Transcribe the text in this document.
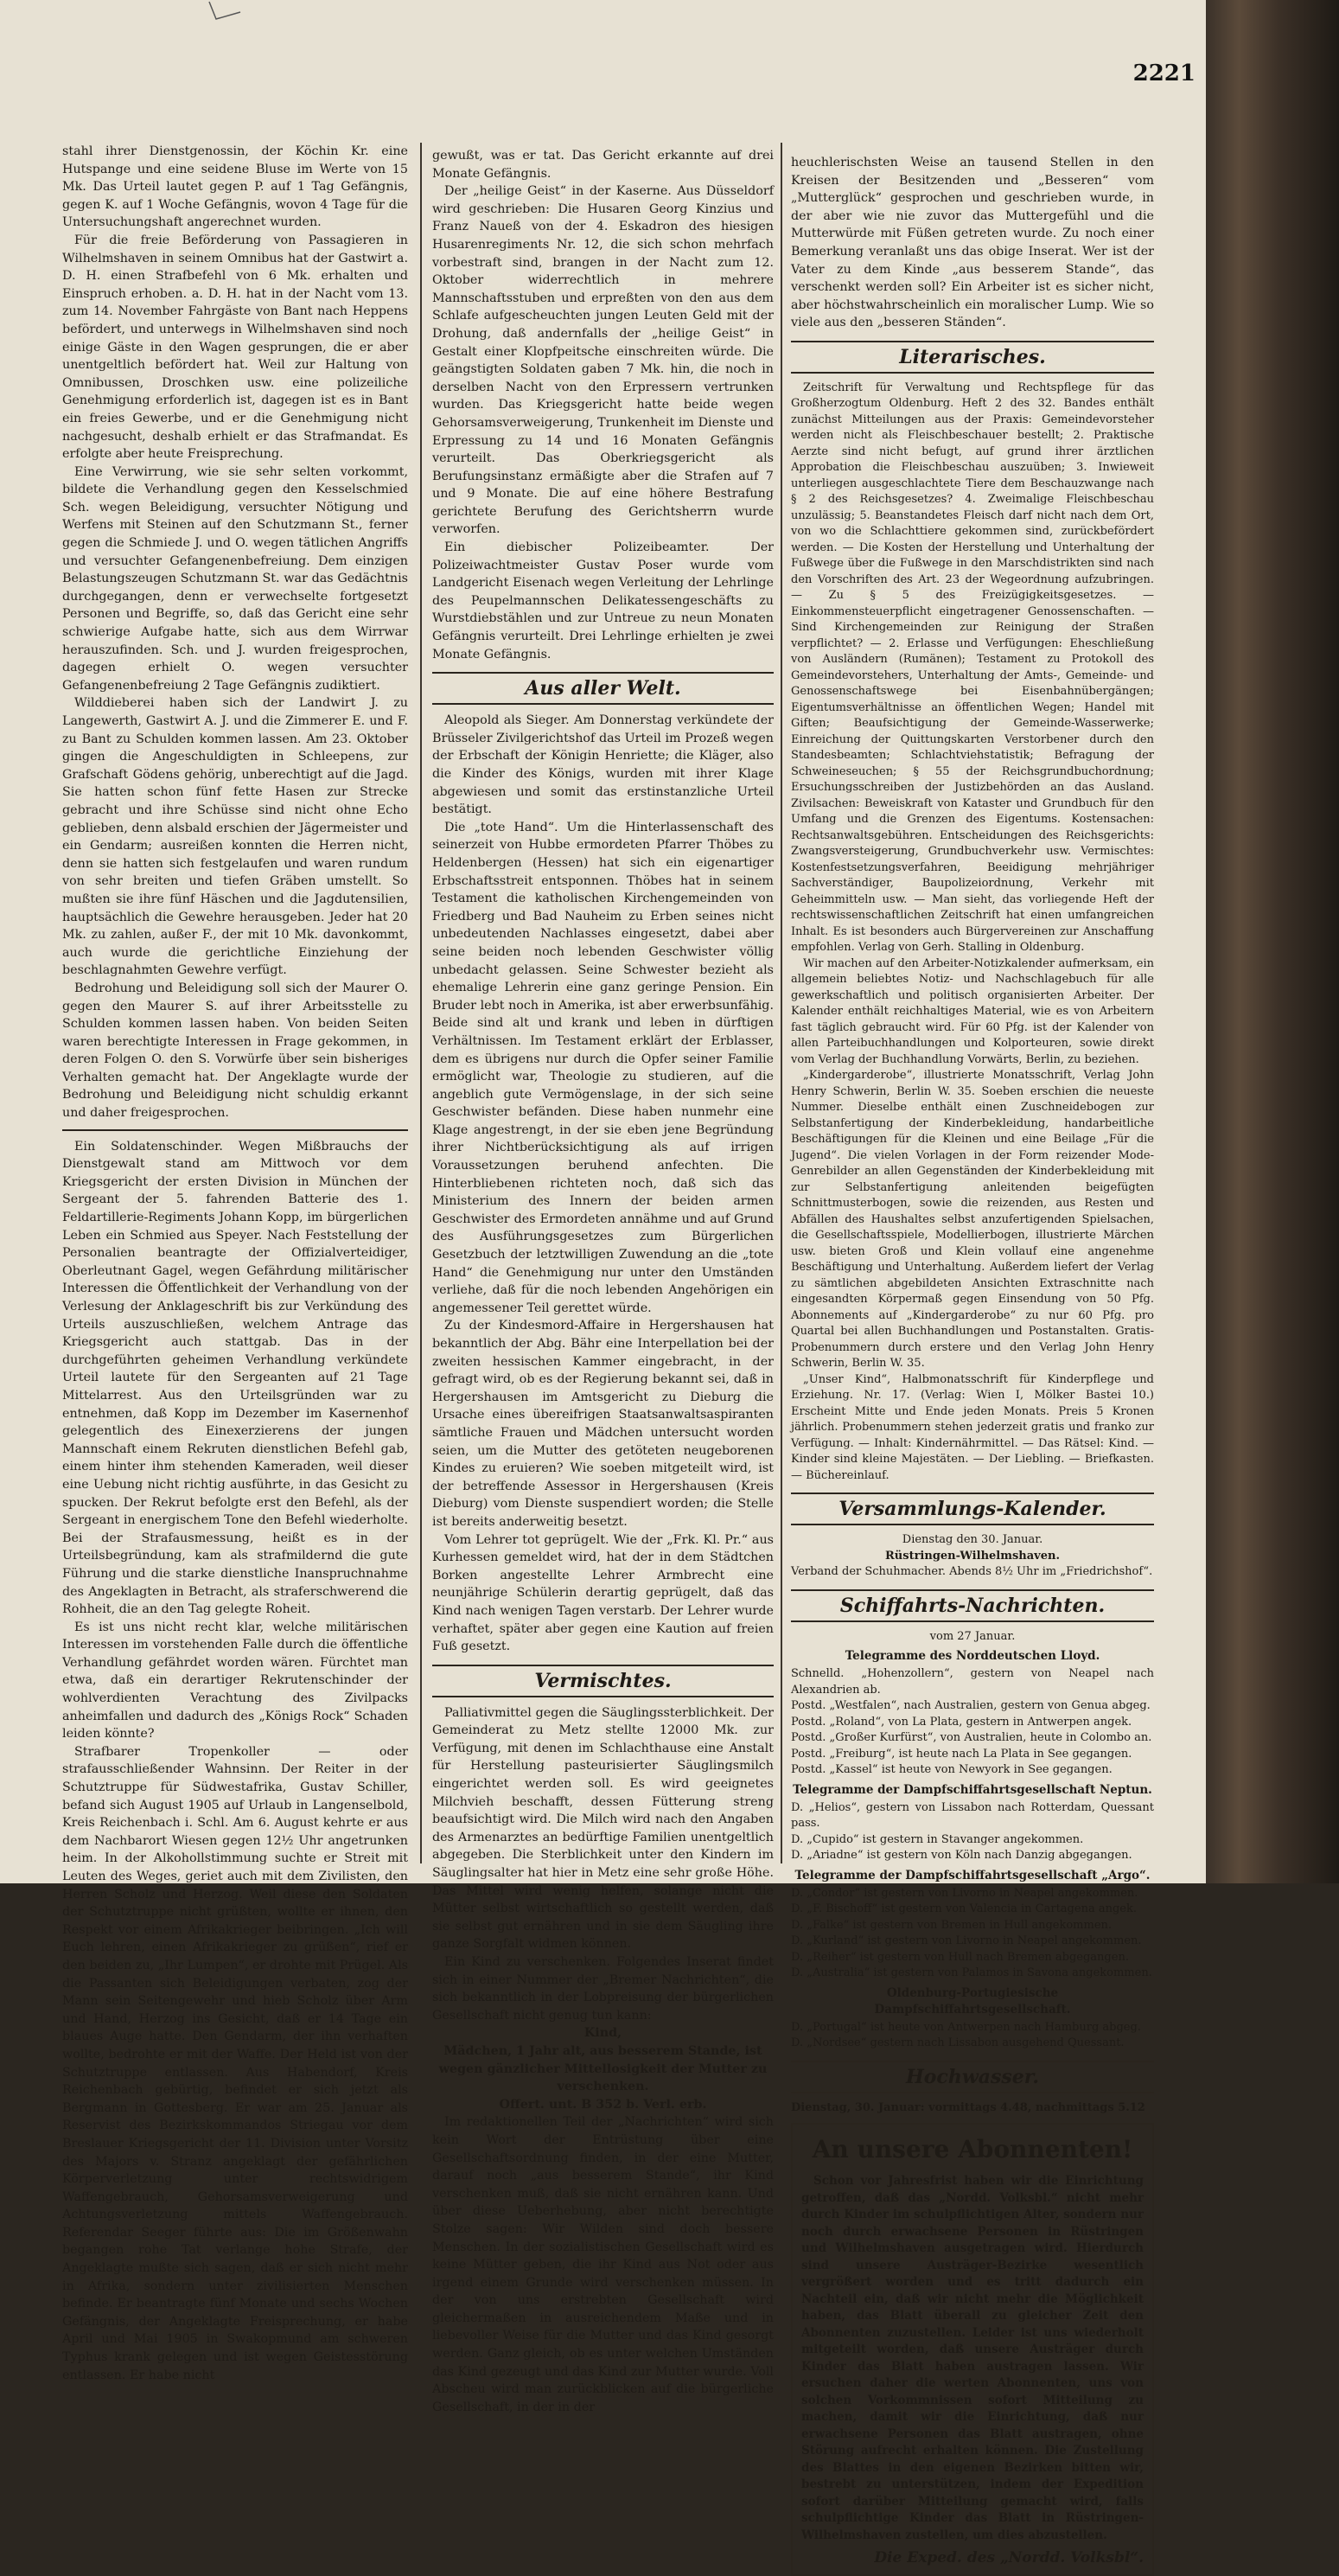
2221

stahl ihrer Dienstgenossin, der Köchin Kr. eine Hutspange und eine seidene Bluse im Werte von 15 Mk. Das Urteil lautet gegen P. auf 1 Tag Gefängnis, gegen K. auf 1 Woche Gefängnis, wovon 4 Tage für die Untersuchungshaft angerechnet wurden.

Für die freie Beförderung von Passagieren in Wilhelmshaven in seinem Omnibus hat der Gastwirt a. D. H. einen Strafbefehl von 6 Mk. erhalten und Einspruch erhoben. a. D. H. hat in der Nacht vom 13. zum 14. November Fahrgäste von Bant nach Heppens befördert, und unterwegs in Wilhelmshaven sind noch einige Gäste in den Wagen gesprungen, die er aber unentgeltlich befördert hat. Weil zur Haltung von Omnibussen, Droschken usw. eine polizeiliche Genehmigung erforderlich ist, dagegen ist es in Bant ein freies Gewerbe, und er die Genehmigung nicht nachgesucht, deshalb erhielt er das Strafmandat. Es erfolgte aber heute Freisprechung.

Eine Verwirrung, wie sie sehr selten vorkommt, bildete die Verhandlung gegen den Kesselschmied Sch. wegen Beleidigung, versuchter Nötigung und Werfens mit Steinen auf den Schutzmann St., ferner gegen die Schmiede J. und O. wegen tätlichen Angriffs und versuchter Gefangenenbefreiung. Dem einzigen Belastungszeugen Schutzmann St. war das Gedächtnis durchgegangen, denn er verwechselte fortgesetzt Personen und Begriffe, so, daß das Gericht eine sehr schwierige Aufgabe hatte, sich aus dem Wirrwar herauszufinden. Sch. und J. wurden freigesprochen, dagegen erhielt O. wegen versuchter Gefangenenbefreiung 2 Tage Gefängnis zudiktiert.

Wilddieberei haben sich der Landwirt J. zu Langewerth, Gastwirt A. J. und die Zimmerer E. und F. zu Bant zu Schulden kommen lassen. Am 23. Oktober gingen die Angeschuldigten in Schleepens, zur Grafschaft Gödens gehörig, unberechtigt auf die Jagd. Sie hatten schon fünf fette Hasen zur Strecke gebracht und ihre Schüsse sind nicht ohne Echo geblieben, denn alsbald erschien der Jägermeister und ein Gendarm; ausreißen konnten die Herren nicht, denn sie hatten sich festgelaufen und waren rundum von sehr breiten und tiefen Gräben umstellt. So mußten sie ihre fünf Häschen und die Jagdutensilien, hauptsächlich die Gewehre herausgeben. Jeder hat 20 Mk. zu zahlen, außer F., der mit 10 Mk. davonkommt, auch wurde die gerichtliche Einziehung der beschlagnahmten Gewehre verfügt.

Bedrohung und Beleidigung soll sich der Maurer O. gegen den Maurer S. auf ihrer Arbeitsstelle zu Schulden kommen lassen haben. Von beiden Seiten waren berechtigte Interessen in Frage gekommen, in deren Folgen O. den S. Vorwürfe über sein bisheriges Verhalten gemacht hat. Der Angeklagte wurde der Bedrohung und Beleidigung nicht schuldig erkannt und daher freigesprochen.

Ein Soldatenschinder. Wegen Mißbrauchs der Dienstgewalt stand am Mittwoch vor dem Kriegsgericht der ersten Division in München der Sergeant der 5. fahrenden Batterie des 1. Feldartillerie-Regiments Johann Kopp, im bürgerlichen Leben ein Schmied aus Speyer. Nach Feststellung der Personalien beantragte der Offizialverteidiger, Oberleutnant Gagel, wegen Gefährdung militärischer Interessen die Öffentlichkeit der Verhandlung von der Verlesung der Anklageschrift bis zur Verkündung des Urteils auszuschließen, welchem Antrage das Kriegsgericht auch stattgab. Das in der durchgeführten geheimen Verhandlung verkündete Urteil lautete für den Sergeanten auf 21 Tage Mittelarrest. Aus den Urteilsgründen war zu entnehmen, daß Kopp im Dezember im Kasernenhof gelegentlich des Einexerzierens der jungen Mannschaft einem Rekruten dienstlichen Befehl gab, einem hinter ihm stehenden Kameraden, weil dieser eine Uebung nicht richtig ausführte, in das Gesicht zu spucken. Der Rekrut befolgte erst den Befehl, als der Sergeant in energischem Tone den Befehl wiederholte. Bei der Strafausmessung, heißt es in der Urteilsbegründung, kam als strafmildernd die gute Führung und die starke dienstliche Inanspruchnahme des Angeklagten in Betracht, als straferschwerend die Rohheit, die an den Tag gelegte Roheit.

Es ist uns nicht recht klar, welche militärischen Interessen im vorstehenden Falle durch die öffentliche Verhandlung gefährdet worden wären. Fürchtet man etwa, daß ein derartiger Rekrutenschinder der wohlverdienten Verachtung des Zivilpacks anheimfallen und dadurch des „Königs Rock“ Schaden leiden könnte?

Strafbarer Tropenkoller — oder strafausschließender Wahnsinn. Der Reiter in der Schutztruppe für Südwestafrika, Gustav Schiller, befand sich August 1905 auf Urlaub in Langenselbold, Kreis Reichenbach i. Schl. Am 6. August kehrte er aus dem Nachbarort Wiesen gegen 12½ Uhr angetrunken heim. In der Alkohollstimmung suchte er Streit mit Leuten des Weges, geriet auch mit dem Zivilisten, den Herren Scholz und Herzog. Weil diese den Soldaten der Schutztruppe nicht grüßten, wollte er ihnen, den Respekt vor einem Afrikakrieger beibringen. „Ich will Euch lehren, einen Afrikakrieger zu grüßen“, rief er den beiden zu, „Ihr Lumpen“, er drohte mit Prügel. Als die Passanten sich Beleidigungen verbaten, zog der Mann sein Seitengewehr und hieb Scholz über Arm und Hand, Herzog ins Gesicht, daß er 14 Tage ein blaues Auge hatte. Den Gendarm, der ihn verhaften wollte, bedrohte er mit der Waffe. Der Held ist von der Schutztruppe entlassen. Aus Habendorf, Kreis Reichenbach gebürtig, befindet er sich jetzt als Bergmann in Gottesberg. Er war am 25. Januar als Reservist des Bezirkskommandos Striegau vor dem Breslauer Kriegsgericht der 11. Division unter Vorsitz des Majors v. Stranz angeklagt der gefährlichen Körperverletzung unter rechtswidrigem Waffengebrauch, Gehorsamsverweigerung und Achtungsverletzung mittels Waffengebrauch. Referendar Seeger führte aus: Die im Größenwahn begangen rohe Tat verlange hohe Strafe, der Angeklagte mußte sich sagen, daß er sich nicht mehr in Afrika, sondern unter zivilisierten Menschen befinde. Er beantragte fünf Monate und sechs Wochen Gefängnis, der Angeklagte Freisprechung, er habe April und Mai 1905 in Swakopmund am schweren Typhus krank gelegen und ist wegen Geistesstörung entlassen. Er habe nicht

gewußt, was er tat. Das Gericht erkannte auf drei Monate Gefängnis.

Der „heilige Geist“ in der Kaserne. Aus Düsseldorf wird geschrieben: Die Husaren Georg Kinzius und Franz Naueß von der 4. Eskadron des hiesigen Husarenregiments Nr. 12, die sich schon mehrfach vorbestraft sind, brangen in der Nacht zum 12. Oktober widerrechtlich in mehrere Mannschaftsstuben und erpreßten von den aus dem Schlafe aufgescheuchten jungen Leuten Geld mit der Drohung, daß andernfalls der „heilige Geist“ in Gestalt einer Klopfpeitsche einschreiten würde. Die geängstigten Soldaten gaben 7 Mk. hin, die noch in derselben Nacht von den Erpressern vertrunken wurden. Das Kriegsgericht hatte beide wegen Gehorsamsverweigerung, Trunkenheit im Dienste und Erpressung zu 14 und 16 Monaten Gefängnis verurteilt. Das Oberkriegsgericht als Berufungsinstanz ermäßigte aber die Strafen auf 7 und 9 Monate. Die auf eine höhere Bestrafung gerichtete Berufung des Gerichtsherrn wurde verworfen.

Ein diebischer Polizeibeamter. Der Polizeiwachtmeister Gustav Poser wurde vom Landgericht Eisenach wegen Verleitung der Lehrlinge des Peupelmannschen Delikatessengeschäfts zu Wurstdiebstählen und zur Untreue zu neun Monaten Gefängnis verurteilt. Drei Lehrlinge erhielten je zwei Monate Gefängnis.

Aus aller Welt.

Aleopold als Sieger. Am Donnerstag verkündete der Brüsseler Zivilgerichtshof das Urteil im Prozeß wegen der Erbschaft der Königin Henriette; die Kläger, also die Kinder des Königs, wurden mit ihrer Klage abgewiesen und somit das erstinstanzliche Urteil bestätigt.

Die „tote Hand“. Um die Hinterlassenschaft des seinerzeit von Hubbe ermordeten Pfarrer Thöbes zu Heldenbergen (Hessen) hat sich ein eigenartiger Erbschaftsstreit entsponnen. Thöbes hat in seinem Testament die katholischen Kirchengemeinden von Friedberg und Bad Nauheim zu Erben seines nicht unbedeutenden Nachlasses eingesetzt, dabei aber seine beiden noch lebenden Geschwister völlig unbedacht gelassen. Seine Schwester bezieht als ehemalige Lehrerin eine ganz geringe Pension. Ein Bruder lebt noch in Amerika, ist aber erwerbsunfähig. Beide sind alt und krank und leben in dürftigen Verhältnissen. Im Testament erklärt der Erblasser, dem es übrigens nur durch die Opfer seiner Familie ermöglicht war, Theologie zu studieren, auf die angeblich gute Vermögenslage, in der sich seine Geschwister befänden. Diese haben nunmehr eine Klage angestrengt, in der sie eben jene Begründung ihrer Nichtberücksichtigung als auf irrigen Voraussetzungen beruhend anfechten. Die Hinterbliebenen richteten noch, daß sich das Ministerium des Innern der beiden armen Geschwister des Ermordeten annähme und auf Grund des Ausführungsgesetzes zum Bürgerlichen Gesetzbuch der letztwilligen Zuwendung an die „tote Hand“ die Genehmigung nur unter den Umständen verliehe, daß für die noch lebenden Angehörigen ein angemessener Teil gerettet würde.

Zu der Kindesmord-Affaire in Hergershausen hat bekanntlich der Abg. Bähr eine Interpellation bei der zweiten hessischen Kammer eingebracht, in der gefragt wird, ob es der Regierung bekannt sei, daß in Hergershausen im Amtsgericht zu Dieburg die Ursache eines übereifrigen Staatsanwaltsaspiranten sämtliche Frauen und Mädchen untersucht worden seien, um die Mutter des getöteten neugeborenen Kindes zu eruieren? Wie soeben mitgeteilt wird, ist der betreffende Assessor in Hergershausen (Kreis Dieburg) vom Dienste suspendiert worden; die Stelle ist bereits anderweitig besetzt.

Vom Lehrer tot geprügelt. Wie der „Frk. Kl. Pr.“ aus Kurhessen gemeldet wird, hat der in dem Städtchen Borken angestellte Lehrer Armbrecht eine neunjährige Schülerin derartig geprügelt, daß das Kind nach wenigen Tagen verstarb. Der Lehrer wurde verhaftet, später aber gegen eine Kaution auf freien Fuß gesetzt.

Vermischtes.

Palliativmittel gegen die Säuglingssterblichkeit. Der Gemeinderat zu Metz stellte 12000 Mk. zur Verfügung, mit denen im Schlachthause eine Anstalt für Herstellung pasteurisierter Säuglingsmilch eingerichtet werden soll. Es wird geeignetes Milchvieh beschafft, dessen Fütterung streng beaufsichtigt wird. Die Milch wird nach den Angaben des Armenarztes an bedürftige Familien unentgeltlich abgegeben. Die Sterblichkeit unter den Kindern im Säuglingsalter hat hier in Metz eine sehr große Höhe. Das Mittel wird wenig helfen, solange nicht die Mütter selbst wirtschaftlich so gestellt werden, daß sie selbst gut ernähren und in sie dem Säugling ihre ganze Sorgfalt widmen können.

Ein Kind zu verschenken. Folgendes Inserat findet sich in einer Nummer der „Bremer Nachrichten“, die sich bekanntlich in der Lobpreisung der bürgerlichen Gesellschaft nicht genug tun kann:

Kind,

Mädchen, 1 Jahr alt, aus besserem Stande, ist wegen gänzlicher Mittellosigkeit der Mutter zu verschenken.

Offert. unt. B 352 b. Verl. erb.

Im redaktionellen Teil der „Nachrichten“ wird sich kein Wort der Entrüstung über eine Gesellschaftsordnung finden, in der eine Mutter, darauf noch „aus besserem Stande“, ihr Kind verschenken muß, daß sie nicht ernähren kann. Und über diese Ueberhebung, aber nicht berechtigte Stolze sagen: Wir Wilden sind doch bessere Menschen. In der sozialistischen Gesellschaft wird es keine Mütter geben, die ihr Kind aus Not oder aus irgend einem Grunde wird verschenken müssen. In der von uns erstrebten Gesellschaft wird gleichermaßen in ausreichendem Maße und in liebevoller Weise für die Mutter und das Kind gesorgt werden. Ganz gleich, ob es unter welchen Umständen das Kind gezeugt und das Kind zur Mutter wurde. Voll Abscheu wird man zurückblicken auf die bürgerliche Gesellschaft, in der in der

heuchlerischsten Weise an tausend Stellen in den Kreisen der Besitzenden und „Besseren“ vom „Mutterglück“ gesprochen und geschrieben wurde, in der aber wie nie zuvor das Muttergefühl und die Mutterwürde mit Füßen getreten wurde. Zu noch einer Bemerkung veranlaßt uns das obige Inserat. Wer ist der Vater zu dem Kinde „aus besserem Stande“, das verschenkt werden soll? Ein Arbeiter ist es sicher nicht, aber höchstwahrscheinlich ein moralischer Lump. Wie so viele aus den „besseren Ständen“.

Literarisches.

Zeitschrift für Verwaltung und Rechtspflege für das Großherzogtum Oldenburg. Heft 2 des 32. Bandes enthält zunächst Mitteilungen aus der Praxis: Gemeindevorsteher werden nicht als Fleischbeschauer bestellt; 2. Praktische Aerzte sind nicht befugt, auf grund ihrer ärztlichen Approbation die Fleischbeschau auszuüben; 3. Inwieweit unterliegen ausgeschlachtete Tiere dem Beschauzwange nach § 2 des Reichsgesetzes? 4. Zweimalige Fleischbeschau unzulässig; 5. Beanstandetes Fleisch darf nicht nach dem Ort, von wo die Schlachttiere gekommen sind, zurückbefördert werden. — Die Kosten der Herstellung und Unterhaltung der Fußwege über die Fußwege in den Marschdistrikten sind nach den Vorschriften des Art. 23 der Wegeordnung aufzubringen. — Zu § 5 des Freizügigkeitsgesetzes. — Einkommensteuerpflicht eingetragener Genossenschaften. — Sind Kirchengemeinden zur Reinigung der Straßen verpflichtet? — 2. Erlasse und Verfügungen: Eheschließung von Ausländern (Rumänen); Testament zu Protokoll des Gemeindevorstehers, Unterhaltung der Amts-, Gemeinde- und Genossenschaftswege bei Eisenbahnübergängen; Eigentumsverhältnisse an öffentlichen Wegen; Handel mit Giften; Beaufsichtigung der Gemeinde-Wasserwerke; Einreichung der Quittungskarten Verstorbener durch den Standesbeamten; Schlachtviehstatistik; Befragung der Schweineseuchen; § 55 der Reichsgrundbuchordnung; Ersuchungsschreiben der Justizbehörden an das Ausland. Zivilsachen: Beweiskraft von Kataster und Grundbuch für den Umfang und die Grenzen des Eigentums. Kostensachen: Rechtsanwaltsgebühren. Entscheidungen des Reichsgerichts: Zwangsversteigerung, Grundbuchverkehr usw. Vermischtes: Kostenfestsetzungsverfahren, Beeidigung mehrjähriger Sachverständiger, Baupolizeiordnung, Verkehr mit Geheimmitteln usw. — Man sieht, das vorliegende Heft der rechtswissenschaftlichen Zeitschrift hat einen umfangreichen Inhalt. Es ist besonders auch Bürgervereinen zur Anschaffung empfohlen. Verlag von Gerh. Stalling in Oldenburg.

Wir machen auf den Arbeiter-Notizkalender aufmerksam, ein allgemein beliebtes Notiz- und Nachschlagebuch für alle gewerkschaftlich und politisch organisierten Arbeiter. Der Kalender enthält reichhaltiges Material, wie es von Arbeitern fast täglich gebraucht wird. Für 60 Pfg. ist der Kalender von allen Parteibuchhandlungen und Kolporteuren, sowie direkt vom Verlag der Buchhandlung Vorwärts, Berlin, zu beziehen.

„Kindergarderobe“, illustrierte Monatsschrift, Verlag John Henry Schwerin, Berlin W. 35. Soeben erschien die neueste Nummer. Dieselbe enthält einen Zuschneidebogen zur Selbstanfertigung der Kinderbekleidung, handarbeitliche Beschäftigungen für die Kleinen und eine Beilage „Für die Jugend“. Die vielen Vorlagen in der Form reizender Mode-Genrebilder an allen Gegenständen der Kinderbekleidung mit zur Selbstanfertigung anleitenden beigefügten Schnittmusterbogen, sowie die reizenden, aus Resten und Abfällen des Haushaltes selbst anzufertigenden Spielsachen, die Gesellschaftsspiele, Modellierbogen, illustrierte Märchen usw. bieten Groß und Klein vollauf eine angenehme Beschäftigung und Unterhaltung. Außerdem liefert der Verlag zu sämtlichen abgebildeten Ansichten Extraschnitte nach eingesandten Körpermaß gegen Einsendung von 50 Pfg. Abonnements auf „Kindergarderobe“ zu nur 60 Pfg. pro Quartal bei allen Buchhandlungen und Postanstalten. Gratis-Probenummern durch erstere und den Verlag John Henry Schwerin, Berlin W. 35.

„Unser Kind“, Halbmonatsschrift für Kinderpflege und Erziehung. Nr. 17. (Verlag: Wien I, Mölker Bastei 10.) Erscheint Mitte und Ende jeden Monats. Preis 5 Kronen jährlich. Probenummern stehen jederzeit gratis und franko zur Verfügung. — Inhalt: Kindernährmittel. — Das Rätsel: Kind. — Kinder sind kleine Majestäten. — Der Liebling. — Briefkasten. — Büchereinlauf.

Versammlungs-Kalender.

Dienstag den 30. Januar.

Rüstringen-Wilhelmshaven.

Verband der Schuhmacher. Abends 8½ Uhr im „Friedrichshof“.

Schiffahrts-Nachrichten.

vom 27 Januar.

Telegramme des Norddeutschen Lloyd.

Schnelld. „Hohenzollern“, gestern von Neapel nach Alexandrien ab.

Postd. „Westfalen“, nach Australien, gestern von Genua abgeg.

Postd. „Roland“, von La Plata, gestern in Antwerpen angek.

Postd. „Großer Kurfürst“, von Australien, heute in Colombo an.

Postd. „Freiburg“, ist heute nach La Plata in See gegangen.

Postd. „Kassel“ ist heute von Newyork in See gegangen.

Telegramme der Dampfschiffahrtsgesellschaft Neptun.

D. „Helios“, gestern von Lissabon nach Rotterdam, Quessant pass.

D. „Cupido“ ist gestern in Stavanger angekommen.

D. „Ariadne“ ist gestern von Köln nach Danzig abgegangen.

Telegramme der Dampfschiffahrtsgesellschaft „Argo“.

D. „Condor“ ist gestern von Livorno in Neapel angekommen.

D. „F. Bischoff“ ist gestern von Valencia in Cartagena angek.

D. „Falke“ ist gestern von Bremen in Hull angekommen.

D. „Kurland“ ist gestern von Livorno in Neapel angekommen.

D. „Reiher“ ist gestern von Hull nach Bremen abgegangen.

D. „Australia“ ist gestern von Palamos in Savona angekommen.

Oldenburg-Portugiesische Dampfschiffahrtsgesellschaft.

D. „Portugal“ ist heute von Antwerpen nach Hamburg abgeg.

D. „Nordsee“ gestern nach Lissabon ausgehend Quessant.

Hochwasser.

Dienstag, 30. Januar: vormittags 4.48, nachmittags 5.12

An unsere Abonnenten!

Schon vor Jahresfrist haben wir die Einrichtung getroffen, daß das „Nordd. Volksbl.“ nicht mehr durch Kinder im schulpflichtigen Alter, sondern nur noch durch erwachsene Personen in Rüstringen und Wilhelmshaven ausgetragen wird. Hierdurch sind unsere Austräger-Bezirke wesentlich vergrößert worden und es tritt dadurch ein Nachteil ein, daß wir nicht mehr die Möglichkeit haben, das Blatt überall zu gleicher Zeit den Abonnenten zuzustellen. Leider ist uns wiederholt mitgeteilt worden, daß unsere Austräger durch Kinder das Blatt haben austragen lassen. Wir ersuchen daher die werten Abonnenten, uns von solchen Vorkommnissen sofort Mitteilung zu machen, damit wir die Einrichtung, daß nur erwachsene Personen das Blatt austragen, ohne Störung aufrecht erhalten können. Die Zustellung des Blattes in den eigenen Bezirken bitten wir, bestrebt zu unterstützen, indem der Expedition sofort darüber Mitteilung gemacht wird, falls schulpflichtige Kinder das Blatt in Rüstringen-Wilhelmshaven zustellen, um dies abzustellen.

Die Exped. des „Nordd. Volksbl“.
